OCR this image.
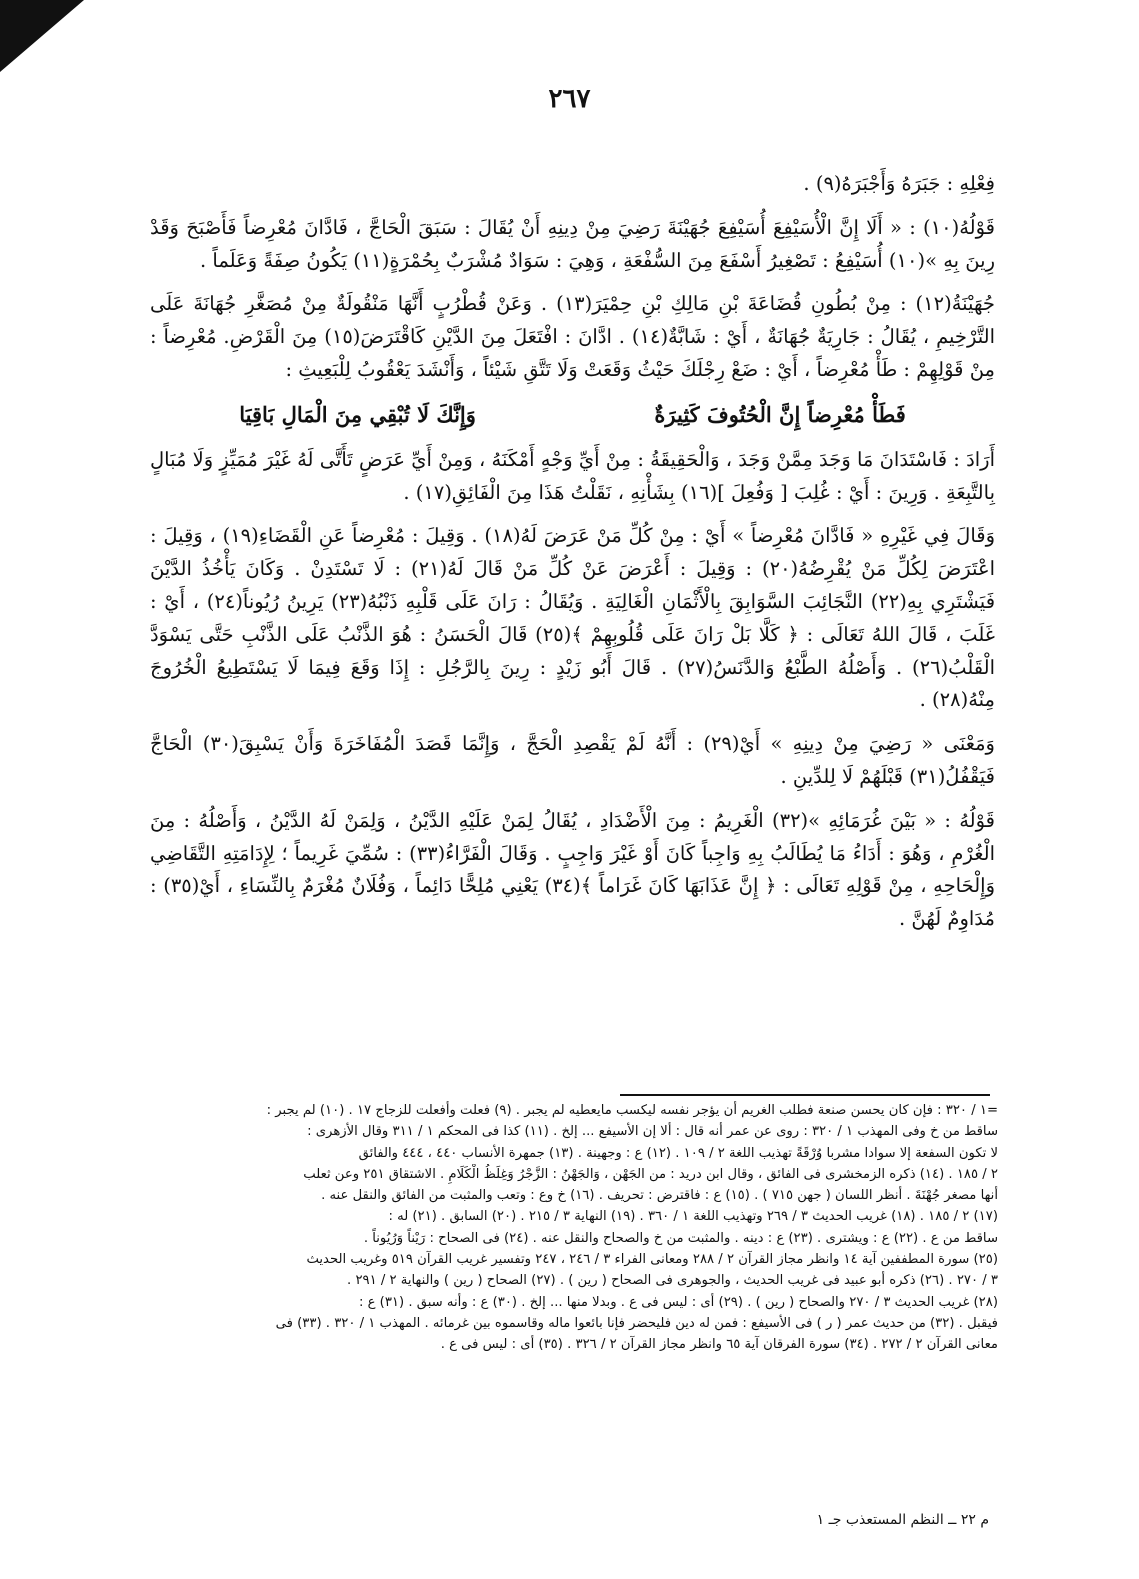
٢٦٧

فِعْلِهِ : جَبَرَهُ وَأَجْبَرَهُ(٩) .

قَوْلُهُ(١٠) : « أَلَا إِنَّ الْأُسَيْفِعَ أُسَيْفِعَ جُهَيْنَةَ رَضِيَ مِنْ دِينِهِ أَنْ يُقَالَ : سَبَقَ الْحَاجَّ ، فَادَّانَ مُعْرِضاً فَأَصْبَحَ وَقَدْ رِينَ بِهِ »(١٠) أُسَيْفِعُ : تَصْغِيرُ أَسْفَعَ مِنَ السُّفْعَةِ ، وَهِيَ : سَوَادٌ مُشْرَبٌ بِحُمْرَةٍ(١١) يَكُونُ صِفَةً وَعَلَماً .

جُهَيْنَةُ(١٢) : مِنْ بُطُونِ قُضَاعَةَ بْنِ مَالِكِ بْنِ حِمْيَرَ(١٣) . وَعَنْ قُطْرُبٍ أَنَّهَا مَنْقُولَةٌ مِنْ مُصَغَّرِ جُهَانَةَ عَلَى التَّرْخِيمِ ، يُقَالُ : جَارِيَةٌ جُهَانَةٌ ، أَيْ : شَابَّةٌ(١٤) . ادَّانَ : افْتَعَلَ مِنَ الدَّيْنِ كَاقْتَرَضَ(١٥) مِنَ الْقَرْضِ. مُعْرِضاً : مِنْ قَوْلِهِمْ : طَأْ مُعْرِضاً ، أَيْ : ضَعْ رِجْلَكَ حَيْثُ وَقَعَتْ وَلَا تَتَّقِ شَيْئاً ، وَأَنْشَدَ يَعْقُوبُ لِلْبَعِيثِ :

فَطَأْ مُعْرِضاً إِنَّ الْحُتُوفَ كَثِيرَةٌ
وَإِنَّكَ لَا تُبْقِي مِنَ الْمَالِ بَاقِيَا

أَرَادَ : فَاسْتَدَانَ مَا وَجَدَ مِمَّنْ وَجَدَ ، وَالْحَقِيقَةُ : مِنْ أَيِّ وَجْهٍ أَمْكَنَهُ ، وَمِنْ أَيِّ عَرَضٍ تَأَتَّى لَهُ غَيْرَ مُمَيِّزٍ وَلَا مُبَالٍ بِالتَّبِعَةِ . وَرِينَ : أَيْ : غُلِبَ [ وَفُعِلَ ](١٦) بِشَأْنِهِ ، نَقَلْتُ هَذَا مِنَ الْفَائِقِ(١٧) .

وَقَالَ فِي غَيْرِهِ « فَادَّانَ مُعْرِضاً » أَيْ : مِنْ كُلِّ مَنْ عَرَضَ لَهُ(١٨) . وَقِيلَ : مُعْرِضاً عَنِ الْقَضَاءِ(١٩) ، وَقِيلَ : اعْتَرَضَ لِكُلِّ مَنْ يُقْرِضُهُ(٢٠) : وَقِيلَ : أَعْرَضَ عَنْ كُلِّ مَنْ قَالَ لَهُ(٢١) : لَا تَسْتَدِنْ . وَكَانَ يَأْخُذُ الدَّيْنَ فَيَشْتَرِي بِهِ(٢٢) النَّجَائِبَ السَّوَابِقَ بِالْأَثْمَانِ الْغَالِيَةِ . وَيُقَالُ : رَانَ عَلَى قَلْبِهِ ذَنْبُهُ(٢٣) يَرِينُ رُيُوناً(٢٤) ، أَيْ : غَلَبَ ، قَالَ اللهُ تَعَالَى : ﴿ كَلَّا بَلْ رَانَ عَلَى قُلُوبِهِمْ ﴾(٢٥) قَالَ الْحَسَنُ : هُوَ الذَّنْبُ عَلَى الذَّنْبِ حَتَّى يَسْوَدَّ الْقَلْبُ(٢٦) . وَأَصْلُهُ الطَّبْعُ وَالدَّنَسُ(٢٧) . قَالَ أَبُو زَيْدٍ : رِينَ بِالرَّجُلِ : إِذَا وَقَعَ فِيمَا لَا يَسْتَطِيعُ الْخُرُوجَ مِنْهُ(٢٨) .

وَمَعْنَى « رَضِيَ مِنْ دِينِهِ » أَيْ(٢٩) : أَنَّهُ لَمْ يَقْصِدِ الْحَجَّ ، وَإِنَّمَا قَصَدَ الْمُفَاخَرَةَ وَأَنْ يَسْبِقَ(٣٠) الْحَاجَّ فَيَقْفُلُ(٣١) قَبْلَهُمْ لَا لِلدِّينِ .

قَوْلُهُ : « بَيْنَ غُرَمَائِهِ »(٣٢) الْغَرِيمُ : مِنَ الْأَضْدَادِ ، يُقَالُ لِمَنْ عَلَيْهِ الدَّيْنُ ، وَلِمَنْ لَهُ الدَّيْنُ ، وَأَصْلُهُ : مِنَ الْغُرْمِ ، وَهُوَ : أَدَاءُ مَا يُطَالَبُ بِهِ وَاجِباً كَانَ أَوْ غَيْرَ وَاجِبٍ . وَقَالَ الْفَرَّاءُ(٣٣) : سُمِّيَ غَرِيماً ؛ لِإِدَامَتِهِ التَّقَاضِي وَإِلْحَاحِهِ ، مِنْ قَوْلِهِ تَعَالَى : ﴿ إِنَّ عَذَابَهَا كَانَ غَرَاماً ﴾(٣٤) يَعْنِي مُلِحًّا دَائِماً ، وَفُلَانٌ مُغْرَمٌ بِالنِّسَاءِ ، أَيْ(٣٥) : مُدَاوِمٌ لَهُنَّ .

=١ / ٣٢٠ : فإن كان يحسن صنعة فطلب الغريم أن يؤجر نفسه ليكسب مايعطيه لم يجبر . (٩) فعلت وأفعلت للزجاج ١٧ . (١٠) لم يجبر :

ساقط من خ وفى المهذب ١ / ٣٢٠ : روى عن عمر أنه قال : ألا إن الأسيفع ... إلخ . (١١) كذا فى المحكم ١ / ٣١١ وقال الأزهرى :

لا تكون السفعة إلا سوادا مشربا وُرْقَةً تهذيب اللغة ٢ / ١٠٩ . (١٢) ع : وجهينة . (١٣) جمهرة الأنساب ٤٤٠ ، ٤٤٤ والفائق

٢ / ١٨٥ . (١٤) ذكره الزمخشرى فى الفائق ، وقال ابن دريد : من الجَهْن ، وَالجَهْنُ : الزَّجْرُ وَغِلَظُ الْكَلَامِ . الاشتقاق ٢٥١ وعن ثعلب

أنها مصغر جُهْنَةَ . أنظر اللسان ( جهن ٧١٥ ) . (١٥) ع : فاقترض : تحريف . (١٦) خ وع : وتعب والمثبت من الفائق والنقل عنه .

(١٧) ٢ / ١٨٥ . (١٨) غريب الحديث ٣ / ٢٦٩ وتهذيب اللغة ١ / ٣٦٠ . (١٩) النهاية ٣ / ٢١٥ . (٢٠) السابق . (٢١) له :

ساقط من ع . (٢٢) ع : ويشترى . (٢٣) ع : دينه . والمثبت من خ والصحاح والنقل عنه . (٢٤) فى الصحاح : رَيْناً وَرُيُوناً .

(٢٥) سورة المطففين آية ١٤ وانظر مجاز القرآن ٢ / ٢٨٨ ومعانى الفراء ٣ / ٢٤٦ ، ٢٤٧ وتفسير غريب القرآن ٥١٩ وغريب الحديث

٣ / ٢٧٠ . (٢٦) ذكره أبو عبيد فى غريب الحديث ، والجوهرى فى الصحاح ( رين ) . (٢٧) الصحاح ( رين ) والنهاية ٢ / ٢٩١ .

(٢٨) غريب الحديث ٣ / ٢٧٠ والصحاح ( رين ) . (٢٩) أى : ليس فى ع . وبدلا منها ... إلخ . (٣٠) ع : وأنه سبق . (٣١) ع :

فيقبل . (٣٢) من حديث عمر ( ر ) فى الأسيفع : فمن له دين فليحضر فإنا بائعوا ماله وقاسموه بين غرمائه . المهذب ١ / ٣٢٠ . (٣٣) فى

معانى القرآن ٢ / ٢٧٢ . (٣٤) سورة الفرقان آية ٦٥ وانظر مجاز القرآن ٢ / ٣٢٦ . (٣٥) أى : ليس فى ع .

م ٢٢ ــ النظم المستعذب جـ ١
